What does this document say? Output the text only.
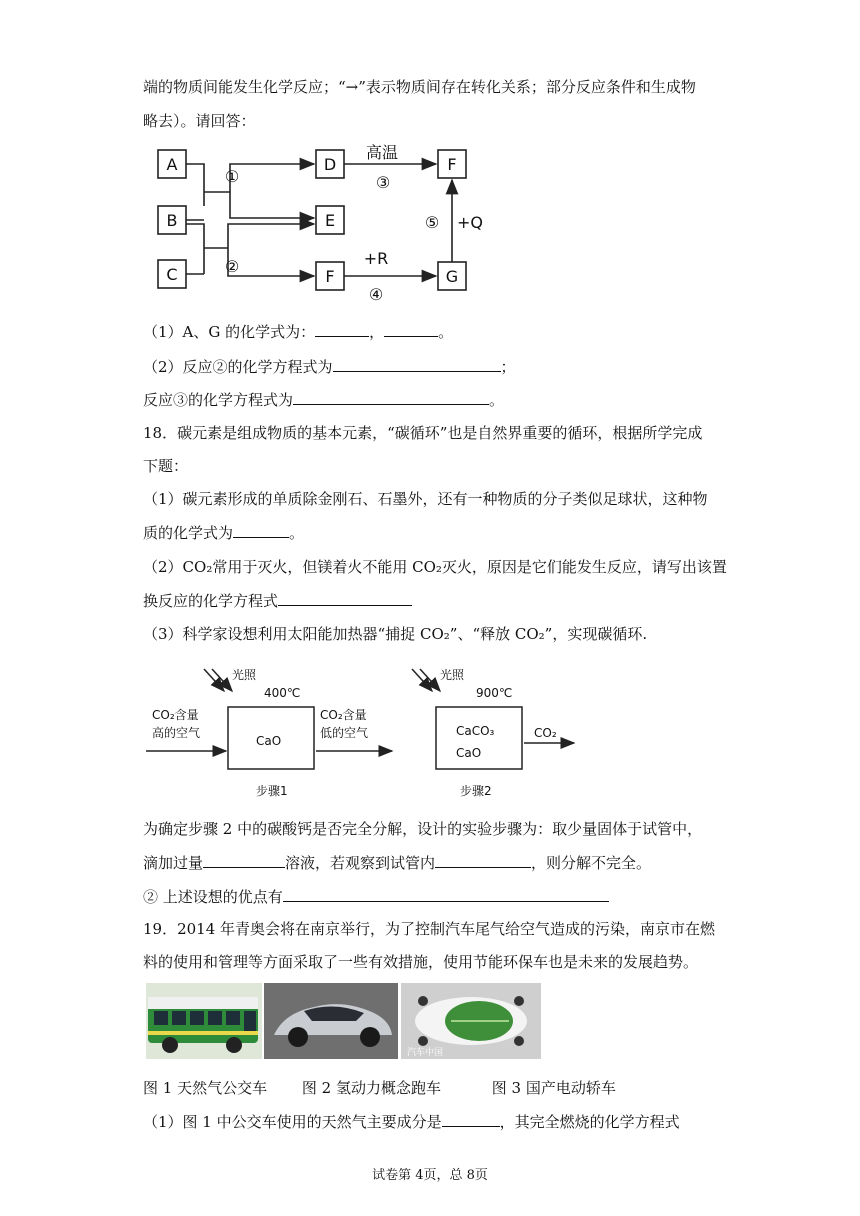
端的物质间能发生化学反应；“→”表示物质间存在转化关系；部分反应条件和生成物
略去）。请回答：
A
B
C
D
E
F
F
G
①
②
③
④
⑤
高温
+R
+Q
（1）A、G 的化学式为：	，	。
（2）反应②的化学方程式为	；
反应③的化学方程式为	。
18．碳元素是组成物质的基本元素，“碳循环”也是自然界重要的循环，根据所学完成
下题：
（1）碳元素形成的单质除金刚石、石墨外，还有一种物质的分子类似足球状，这种物
质的化学式为	。
（2）CO₂常用于灭火，但镁着火不能用 CO₂灭火，原因是它们能发生反应，请写出该置
换反应的化学方程式
（3）科学家设想利用太阳能加热器“捕捉 CO₂”、“释放 CO₂”，实现碳循环.
光照
400℃
CO₂含量
高的空气
CO₂含量
低的空气
CaO
步骤1
光照
900℃
CaCO₃
CaO
CO₂
步骤2
为确定步骤 2 中的碳酸钙是否完全分解，设计的实验步骤为：取少量固体于试管中，
滴加过量	溶液，若观察到试管内	，则分解不完全。
② 上述设想的优点有
19．2014 年青奥会将在南京举行，为了控制汽车尾气给空气造成的污染，南京市在燃
料的使用和管理等方面采取了一些有效措施，使用节能环保车也是未来的发展趋势。
汽车中国
图 1 天然气公交车 图 2 氢动力概念跑车	图 3 国产电动轿车
（1）图 1 中公交车使用的天然气主要成分是	，其完全燃烧的化学方程式
试卷第 4页，总 8页
